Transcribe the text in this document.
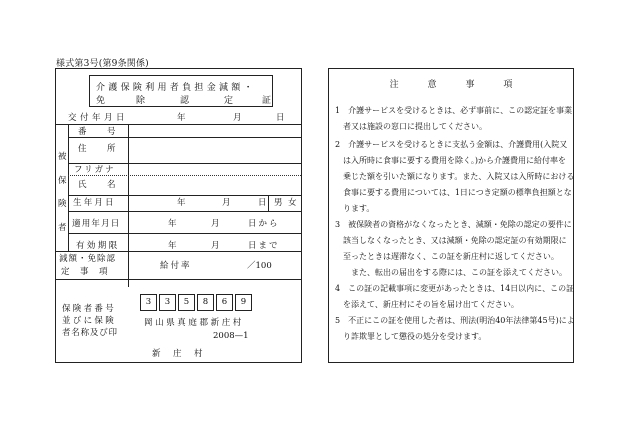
様式第3号(第9条関係)
介護保険利用者負担金減額・
免	除	認	定	証
交付年月日	年	月	日
被
保
険
者
番　号
住　所
フリガナ
氏　名
生年月日	年	月	日 男 女
適用年月日	年	月	日から
有効期限	年	月	日まで
減額・免除認
定　事　項
給付率	／100
保険者番号
並びに保険
者名称及び印
3	3	5	8	6	9
岡山県真庭郡新庄村
2008—1
新　庄　村
注	意	事	項
1　介護サービスを受けるときは、必ず事前に、この認定証を事業
　者又は施設の窓口に提出してください。
2　介護サービスを受けるときに支払う金額は、介護費用(入院又
　は入所時に食事に要する費用を除く。)から介護費用に給付率を
　乗じた額を引いた額になります。また、入院又は入所時における
　食事に要する費用については、1日につき定額の標準負担額とな
　ります。
3　被保険者の資格がなくなったとき、減額・免除の認定の要件に
　該当しなくなったとき、又は減額・免除の認定証の有効期限に
　至ったときは遅滞なく、この証を新庄村に返してください。
　　また、転出の届出をする際には、この証を添えてください。
4　この証の記載事項に変更があったときは、14日以内に、この証
　を添えて、新庄村にその旨を届け出てください。
5　不正にこの証を使用した者は、刑法(明治40年法律第45号)によ
　り詐欺罪として懲役の処分を受けます。
